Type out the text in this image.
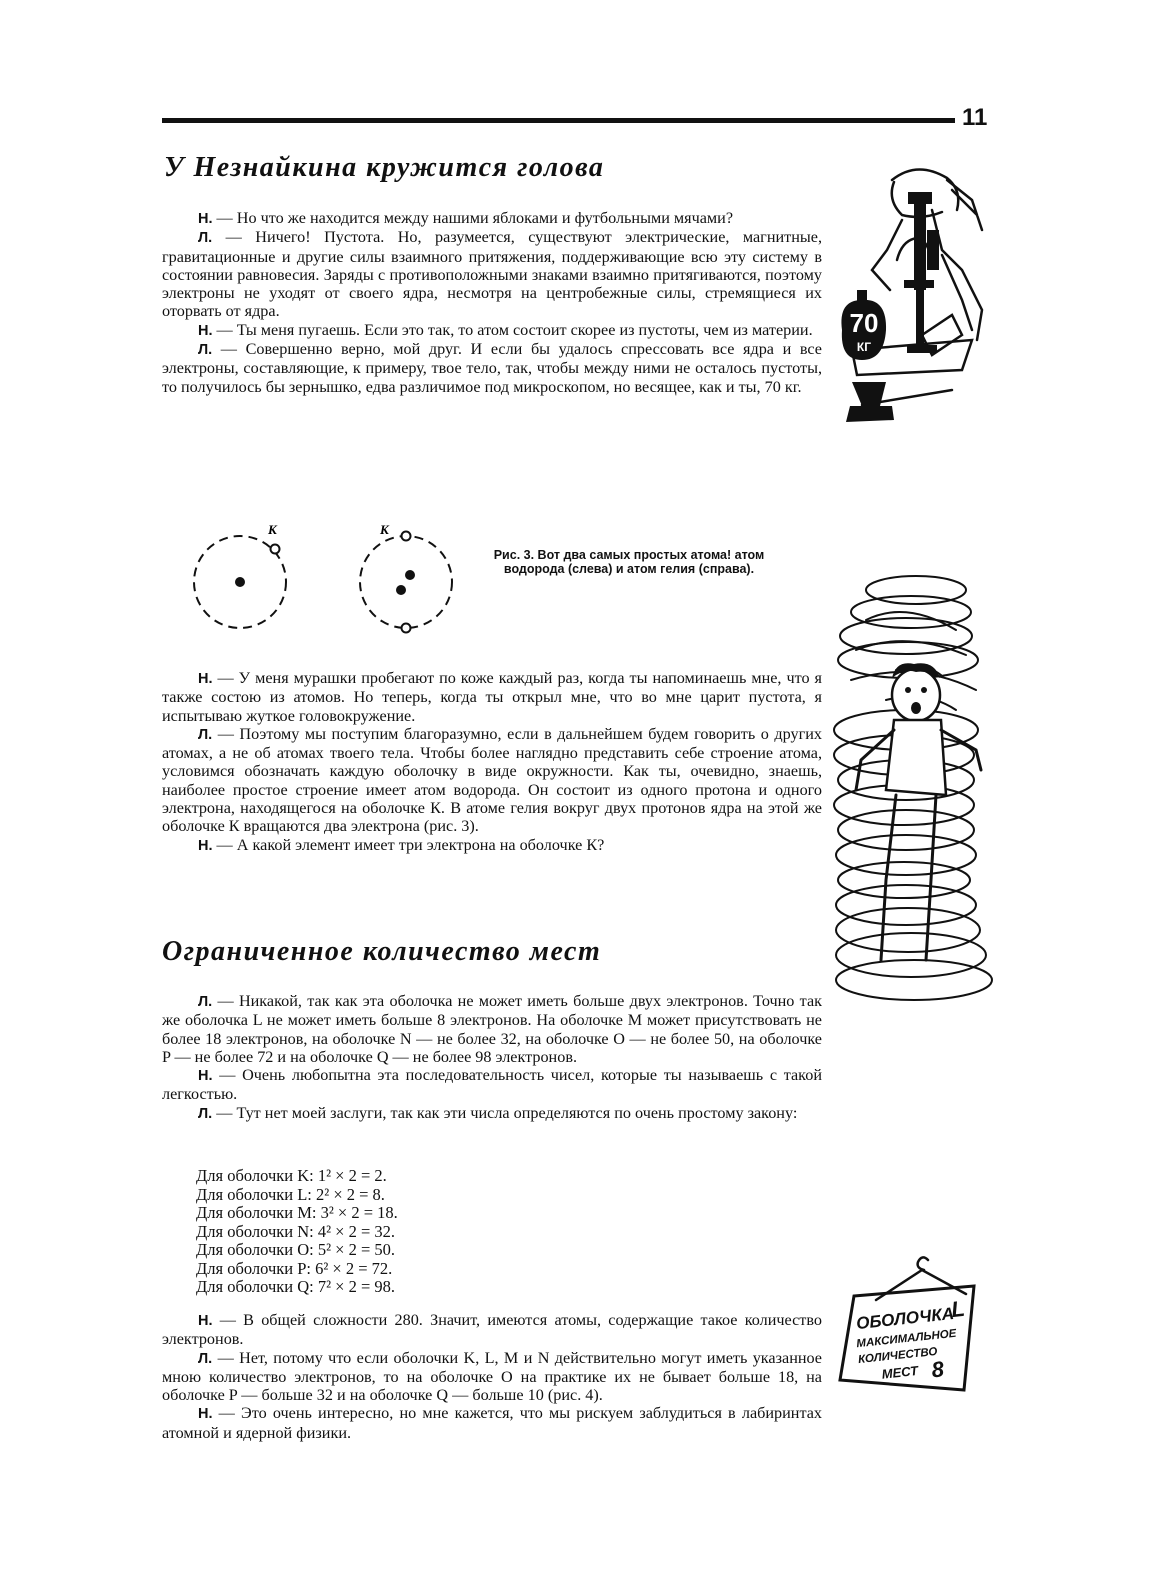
11
У Незнайкина кружится голова

Н. — Но что же находится между нашими яблоками и футбольными мячами?

Л. — Ничего! Пустота. Но, разумеется, существуют электрические, магнитные, гравитационные и другие силы взаимного притяжения, поддерживающие всю эту систему в состоянии равновесия. Заряды с противоположными знаками взаимно притягиваются, поэтому электроны не уходят от своего ядра, несмотря на центробежные силы, стремящиеся их оторвать от ядра.

Н. — Ты меня пугаешь. Если это так, то атом состоит скорее из пустоты, чем из материи.

Л. — Совершенно верно, мой друг. И если бы удалось спрессовать все ядра и все электроны, составляющие, к примеру, твое тело, так, чтобы между ними не осталось пустоты, то получилось бы зернышко, едва различимое под микроскопом, но весящее, как и ты, 70 кг.

70
КГ
К	К
Рис. 3. Вот два самых простых атома! атом водорода (слева) и атом гелия (справа).

Н. — У меня мурашки пробегают по коже каждый раз, когда ты напоминаешь мне, что я также состою из атомов. Но теперь, когда ты открыл мне, что во мне царит пустота, я испытываю жуткое головокружение.

Л. — Поэтому мы поступим благоразумно, если в дальнейшем будем говорить о других атомах, а не об атомах твоего тела. Чтобы более наглядно представить себе строение атома, условимся обозначать каждую оболочку в виде окружности. Как ты, очевидно, знаешь, наиболее простое строение имеет атом водорода. Он состоит из одного протона и одного электрона, находящегося на оболочке К. В атоме гелия вокруг двух протонов ядра на этой же оболочке К вращаются два электрона (рис. 3).

Н. — А какой элемент имеет три электрона на оболочке К?

Ограниченное количество мест

Л. — Никакой, так как эта оболочка не может иметь больше двух электронов. Точно так же оболочка L не может иметь больше 8 электронов. На оболочке M может присутствовать не более 18 электронов, на оболочке N — не более 32, на оболочке O — не более 50, на оболочке P — не более 72 и на оболочке Q — не более 98 электронов.

Н. — Очень любопытна эта последовательность чисел, которые ты называешь с такой легкостью.

Л. — Тут нет моей заслуги, так как эти числа определяются по очень простому закону:

Для оболочки K: 1² × 2 = 2.
Для оболочки L: 2² × 2 = 8.
Для оболочки M: 3² × 2 = 18.
Для оболочки N: 4² × 2 = 32.
Для оболочки O: 5² × 2 = 50.
Для оболочки P: 6² × 2 = 72.
Для оболочки Q: 7² × 2 = 98.

Н. — В общей сложности 280. Значит, имеются атомы, содержащие такое количество электронов.

Л. — Нет, потому что если оболочки K, L, M и N действительно могут иметь указанное мною количество электронов, то на оболочке O на практике их не бывает больше 18, на оболочке P — больше 32 и на оболочке Q — больше 10 (рис. 4).

Н. — Это очень интересно, но мне кажется, что мы рискуем заблудиться в лабиринтах атомной и ядерной физики.

ОБОЛОЧКА
L
МАКСИМАЛЬНОЕ
КОЛИЧЕСТВО
МЕСТ 8
